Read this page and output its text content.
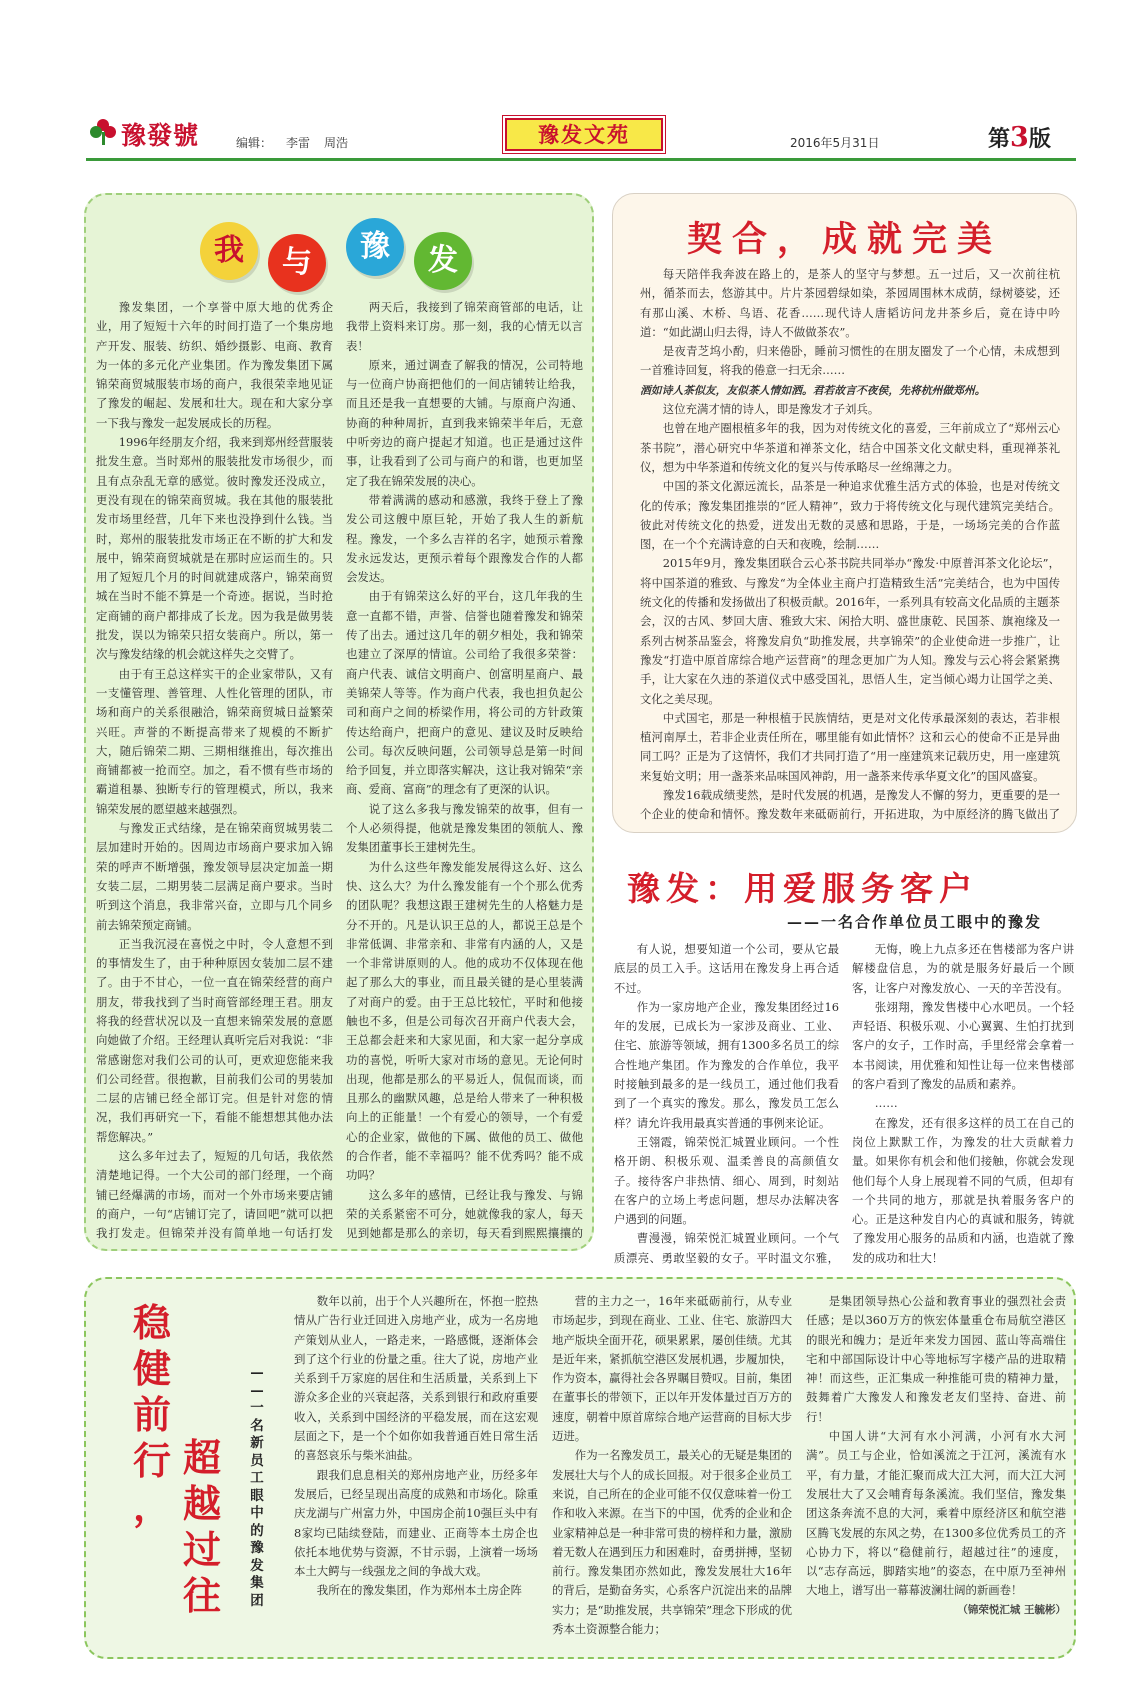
豫發號	编辑： 李雷 周浩	豫发文苑	2016年5月31日	第3版
我	与	豫	发

豫发集团，一个享誉中原大地的优秀企业，用了短短十六年的时间打造了一个集房地产开发、服装、纺织、婚纱摄影、电商、教育为一体的多元化产业集团。作为豫发集团下属锦荣商贸城服装市场的商户，我很荣幸地见证了豫发的崛起、发展和壮大。现在和大家分享一下我与豫发一起发展成长的历程。

1996年经朋友介绍，我来到郑州经营服装批发生意。当时郑州的服装批发市场很少，而且有点杂乱无章的感觉。彼时豫发还没成立，更没有现在的锦荣商贸城。我在其他的服装批发市场里经营，几年下来也没挣到什么钱。当时，郑州的服装批发市场正在不断的扩大和发展中，锦荣商贸城就是在那时应运而生的。只用了短短几个月的时间就建成落户，锦荣商贸城在当时不能不算是一个奇迹。据说，当时抢定商铺的商户都排成了长龙。因为我是做男装批发，误以为锦荣只招女装商户。所以，第一次与豫发结缘的机会就这样失之交臂了。

由于有王总这样实干的企业家带队，又有一支懂管理、善管理、人性化管理的团队，市场和商户的关系很融洽，锦荣商贸城日益繁荣兴旺。声誉的不断提高带来了规模的不断扩大，随后锦荣二期、三期相继推出，每次推出商铺都被一抢而空。加之，看不惯有些市场的霸道租暴、独断专行的管理模式，所以，我来锦荣发展的愿望越来越强烈。

与豫发正式结缘，是在锦荣商贸城男装二层加建时开始的。因周边市场商户要求加入锦荣的呼声不断增强，豫发领导层决定加盖一期女装二层，二期男装二层满足商户要求。当时听到这个消息，我非常兴奋，立即与几个同乡前去锦荣预定商铺。

正当我沉浸在喜悦之中时，令人意想不到的事情发生了，由于种种原因女装加二层不建了。由于不甘心，一位一直在锦荣经营的商户朋友，带我找到了当时商管部经理王君。朋友将我的经营状况以及一直想来锦荣发展的意愿向她做了介绍。王经理认真听完后对我说：“非常感谢您对我们公司的认可，更欢迎您能来我们公司经营。很抱歉，目前我们公司的男装加二层的店铺已经全部订完。但是针对您的情况，我们再研究一下，看能不能想想其他办法帮您解决。”

这么多年过去了，短短的几句话，我依然清楚地记得。一个大公司的部门经理，一个商铺已经爆满的市场，而对一个外市场来要店铺的商户，一句“店铺订完了，请回吧”就可以把我打发走。但锦荣并没有简单地一句话打发

两天后，我接到了锦荣商管部的电话，让我带上资料来订房。那一刻，我的心情无以言表！

原来，通过调查了解我的情况，公司特地与一位商户协商把他们的一间店铺转让给我，而且还是我一直想要的大铺。与原商户沟通、协商的种种周折，直到我来锦荣半年后，无意中听旁边的商户提起才知道。也正是通过这件事，让我看到了公司与商户的和谐，也更加坚定了我在锦荣发展的决心。

带着满满的感动和感激，我终于登上了豫发公司这艘中原巨轮，开始了我人生的新航程。豫发，一个多么吉祥的名字，她预示着豫发永远发达，更预示着每个跟豫发合作的人都会发达。

由于有锦荣这么好的平台，这几年我的生意一直都不错，声誉、信誉也随着豫发和锦荣传了出去。通过这几年的朝夕相处，我和锦荣也建立了深厚的情谊。公司给了我很多荣誉：商户代表、诚信文明商户、创富明星商户、最美锦荣人等等。作为商户代表，我也担负起公司和商户之间的桥梁作用，将公司的方针政策传达给商户，把商户的意见、建议及时反映给公司。每次反映问题，公司领导总是第一时间给予回复，并立即落实解决，这让我对锦荣“亲商、爱商、富商”的理念有了更深的认识。

说了这么多我与豫发锦荣的故事，但有一个人必须得提，他就是豫发集团的领航人、豫发集团董事长王建树先生。

为什么这些年豫发能发展得这么好、这么快、这么大？为什么豫发能有一个个那么优秀的团队呢？我想这跟王建树先生的人格魅力是分不开的。凡是认识王总的人，都说王总是个非常低调、非常亲和、非常有内涵的人，又是一个非常讲原则的人。他的成功不仅体现在他起了那么大的事业，而且最关键的是心里装满了对商户的爱。由于王总比较忙，平时和他接触也不多，但是公司每次召开商户代表大会，王总都会赶来和大家见面，和大家一起分享成功的喜悦，听听大家对市场的意见。无论何时出现，他都是那么的平易近人，侃侃而谈，而且那么的幽默风趣，总是给人带来了一种积极向上的正能量！一个有爱心的领导，一个有爱心的企业家，做他的下属、做他的员工、做他的合作者，能不幸福吗？能不优秀吗？能不成功吗？

这么多年的感情，已经让我与豫发、与锦荣的关系紧密不可分，她就像我的家人，每天见到她都是那么的亲切，每天看到熙熙攘攘的

契合，成就完美

每天陪伴我奔波在路上的，是茶人的坚守与梦想。五一过后，又一次前往杭州，循茶而去，悠游其中。片片茶园碧绿如染，茶园周围林木成荫，绿树婆娑，还有那山溪、木桥、鸟语、花香……现代诗人唐韬访问龙井茶乡后，竟在诗中吟道：“如此湖山归去得，诗人不做做茶农”。

是夜青芝坞小酌，归来倦卧，睡前习惯性的在朋友圈发了一个心情，未成想到一首雅诗回复，将我的倦意一扫无余……

酒如诗人茶似友，友似茶人情如洒。君若故言不夜侯，先将杭州做郑州。

这位充满才情的诗人，即是豫发才子刘兵。

也曾在地产圈根植多年的我，因为对传统文化的喜爱，三年前成立了“郑州云心茶书院”，潜心研究中华茶道和禅茶文化，结合中国茶文化文献史料，重现禅茶礼仪，想为中华茶道和传统文化的复兴与传承略尽一丝绵薄之力。

中国的茶文化源远流长，品茶是一种追求优雅生活方式的体验，也是对传统文化的传承；豫发集团推崇的“匠人精神”，致力于将传统文化与现代建筑完美结合。彼此对传统文化的热爱，迸发出无数的灵感和思路，于是，一场场完美的合作蓝图，在一个个充满诗意的白天和夜晚，绘制……

2015年9月，豫发集团联合云心茶书院共同举办“豫发·中原普洱茶文化论坛”，将中国茶道的雅致、与豫发“为全体业主商户打造精致生活”完美结合，也为中国传统文化的传播和发扬做出了积极贡献。2016年，一系列具有较高文化品质的主题茶会，汉的古风、梦回大唐、雅致大宋、闲拾大明、盛世康乾、民国茶、旗袍缘及一系列古树茶品鉴会，将豫发肩负“助推发展，共享锦荣”的企业使命进一步推广，让豫发“打造中原首席综合地产运营商”的理念更加广为人知。豫发与云心将会紧紧携手，让大家在久违的茶道仪式中感受国礼，思悟人生，定当倾心竭力让国学之美、文化之美尽现。

中式国宅，那是一种根植于民族情结，更是对文化传承最深刻的表达，若非根植河南厚土，若非企业责任所在，哪里能有如此情怀？这和云心的使命不正是异曲同工吗？正是为了这情怀，我们才共同打造了“用一座建筑来记载历史，用一座建筑来复始文明；用一盏茶来品味国风神韵，用一盏茶来传承华夏文化”的国风盛宴。

豫发16载成绩斐然，是时代发展的机遇，是豫发人不懈的努力，更重要的是一个企业的使命和情怀。豫发数年来砥砺前行，开拓进取，为中原经济的腾飞做出了

豫发：用爱服务客户
——一名合作单位员工眼中的豫发

有人说，想要知道一个公司，要从它最底层的员工入手。这话用在豫发身上再合适不过。

作为一家房地产企业，豫发集团经过16年的发展，已成长为一家涉及商业、工业、住宅、旅游等领域，拥有1300多名员工的综合性地产集团。作为豫发的合作单位，我平时接触到最多的是一线员工，通过他们我看到了一个真实的豫发。那么，豫发员工怎么样？请允许我用最真实普通的事例来论证。

王翎霞，锦荣悦汇城置业顾问。一个性格开朗、积极乐观、温柔善良的高颜值女子。接待客户非热情、细心、周到，时刻站在客户的立场上考虑问题，想尽办法解决客户遇到的问题。

曹漫漫，锦荣悦汇城置业顾问。一个气质漂亮、勇敢坚毅的女子。平时温文尔雅，

无悔，晚上九点多还在售楼部为客户讲解楼盘信息，为的就是服务好最后一个顾客，让客户对豫发放心、一天的辛苦没有。

张翊翔，豫发售楼中心水吧员。一个轻声轻语、积极乐观、小心翼翼、生怕打扰到客户的女子，工作时高，手里经常会拿着一本书阅读，用优雅和知性让每一位来售楼部的客户看到了豫发的品质和素养。

……

在豫发，还有很多这样的员工在自己的岗位上默默工作，为豫发的壮大贡献着力量。如果你有机会和他们接触，你就会发现他们每个人身上展现着不同的气质，但却有一个共同的地方，那就是执着服务客户的心。正是这种发自内心的真诚和服务，铸就了豫发用心服务的品质和内涵，也造就了豫发的成功和壮大！

稳
健
前
行
，
超
越
过
往
—
—
一
名
新
员
工
眼
中
的
豫
发
集
团

数年以前，出于个人兴趣所在，怀抱一腔热情从广告行业迁回进入房地产业，成为一名房地产策划从业人，一路走来，一路感慨，逐渐体会到了这个行业的份量之重。往大了说，房地产业关系到千万家庭的居住和生活质量，关系到上下游众多企业的兴衰起落，关系到银行和政府重要收入，关系到中国经济的平稳发展，而在这宏观层面之下，是一个个如你如我普通百姓日常生活的喜怒哀乐与柴米油盐。

跟我们息息相关的郑州房地产业，历经多年发展后，已经呈现出高度的成熟和市场化。除重庆龙湖与广州富力外，中国房企前10强巨头中有8家均已陆续登陆，而建业、正商等本土房企也依托本地优势与资源，不甘示弱，上演着一场场本土大鳄与一线强龙之间的争战大戏。

我所在的豫发集团，作为郑州本土房企阵

营的主力之一，16年来砥砺前行，从专业市场起步，到现在商业、工业、住宅、旅游四大地产版块全面开花，硕果累累，屡创佳绩。尤其是近年来，紧抓航空港区发展机遇，步履加快，作为资本，赢得社会各界瞩目赞叹。目前，集团在董事长的带领下，正以年开发体量过百万方的速度，朝着中原首席综合地产运营商的目标大步迈进。

作为一名豫发员工，最关心的无疑是集团的发展壮大与个人的成长回报。对于很多企业员工来说，自己所在的企业可能不仅仅意味着一份工作和收入来源。在当下的中国，优秀的企业和企业家精神总是一种非常可贵的榜样和力量，激励着无数人在遇到压力和困难时，奋勇拼搏，坚韧前行。豫发集团亦然如此，豫发发展壮大16年的背后，是勤奋务实，心系客户沉淀出来的品牌实力；是“助推发展，共享锦荣”理念下形成的优秀本土资源整合能力；

是集团领导热心公益和教育事业的强烈社会责任感；是以360万方的恢宏体量重仓布局航空港区的眼光和魄力；是近年来发力国园、蓝山等高端住宅和中部国际设计中心等地标写字楼产品的进取精神！而这些，正汇集成一种推能可贵的精神力量，鼓舞着广大豫发人和豫发老友们坚持、奋进、前行！

中国人讲“大河有水小河满，小河有水大河满”。员工与企业，恰如溪流之于江河，溪流有水平，有力量，才能汇聚而成大江大河，而大江大河发展壮大了又会哺育每条溪流。我们坚信，豫发集团这条奔流不息的大河，乘着中原经济区和航空港区腾飞发展的东风之势，在1300多位优秀员工的齐心协力下，将以“稳健前行，超越过往”的速度，以“志存高远，脚踏实地”的姿态，在中原乃至神州大地上，谱写出一幕幕波澜壮阔的新画卷！

（锦荣悦汇城 王毓彬）
